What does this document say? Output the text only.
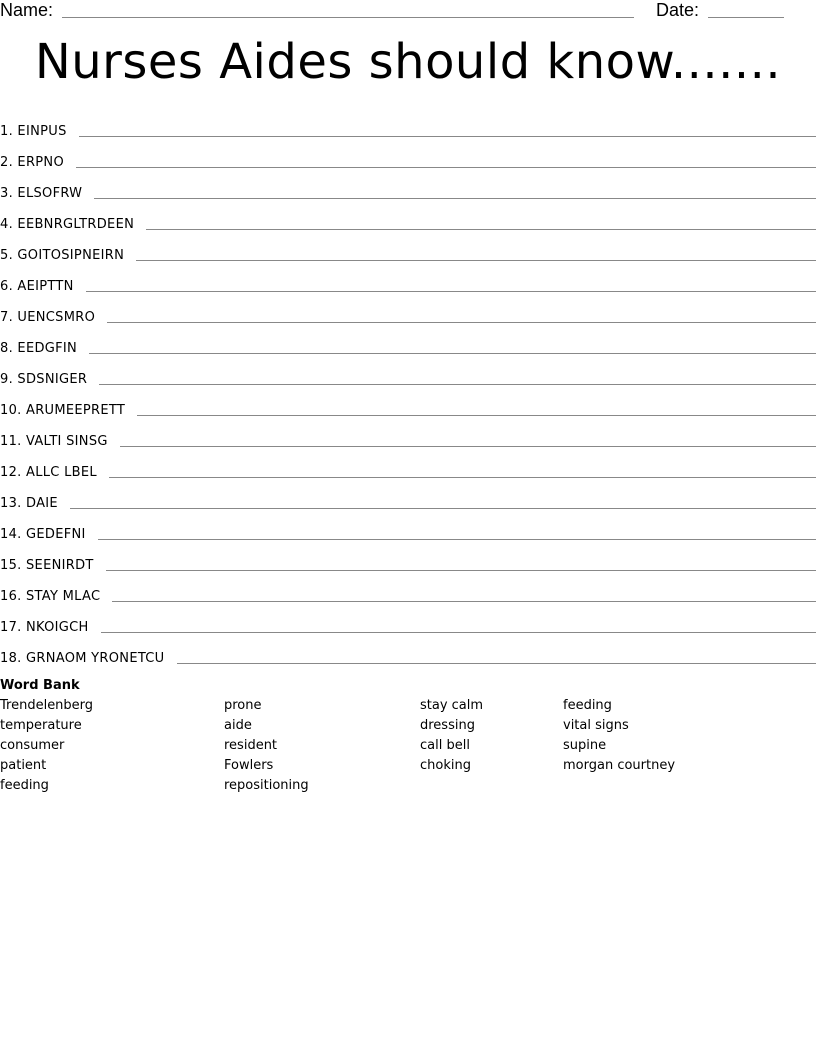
Name:	Date:
Nurses Aides should know.......
1. EINPUS
2. ERPNO
3. ELSOFRW
4. EEBNRGLTRDEEN
5. GOITOSIPNEIRN
6. AEIPTTN
7. UENCSMRO
8. EEDGFIN
9. SDSNIGER
10. ARUMEEPRETT
11. VALTI SINSG
12. ALLC LBEL
13. DAIE
14. GEDEFNI
15. SEENIRDT
16. STAY MLAC
17. NKOIGCH
18. GRNAOM YRONETCU
Word Bank
Trendelenberg
temperature
consumer
patient
feeding
prone
aide
resident
Fowlers
repositioning
stay calm
dressing
call bell
choking
feeding
vital signs
supine
morgan courtney
